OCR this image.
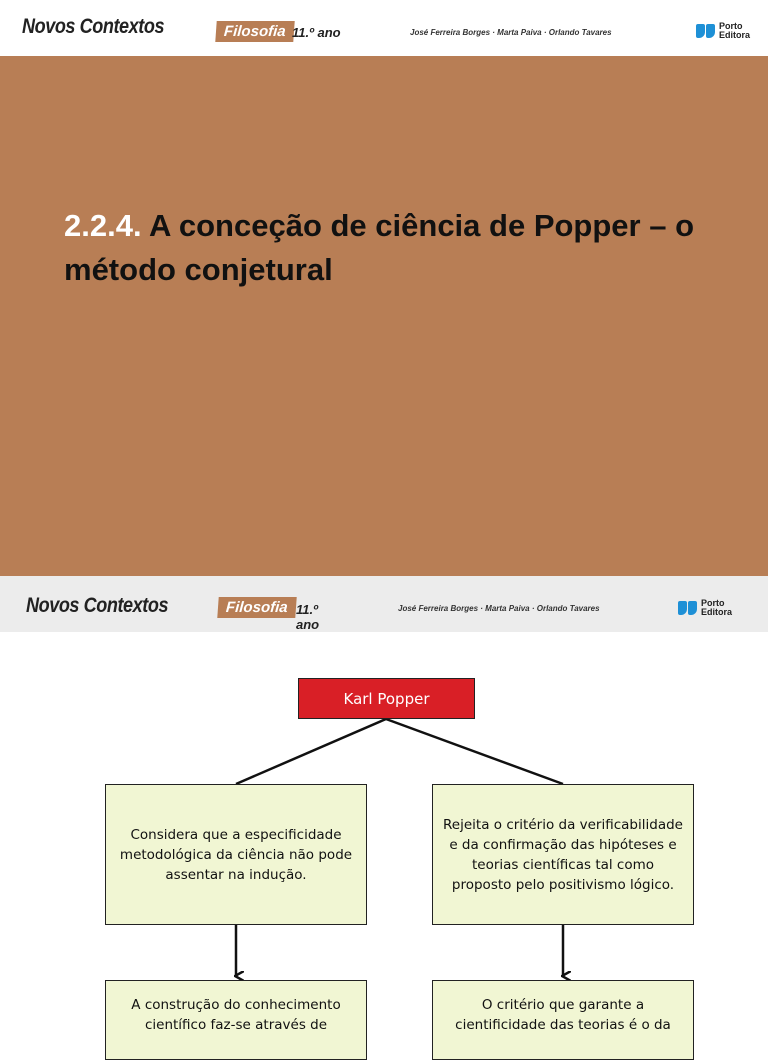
Novos Contextos	Filosofia 11.º ano	José Ferreira Borges · Marta Paiva · Orlando Tavares
Porto
Editora
2.2.4. A conceção de ciência de Popper – o método conjetural
Novos Contextos	Filosofia 11.º ano
José Ferreira Borges · Marta Paiva · Orlando Tavares
Porto
Editora
Karl Popper
Considera que a especificidade metodológica da ciência não pode assentar na indução.
Rejeita o critério da verificabilidade e da confirmação das hipóteses e teorias científicas tal como proposto pelo positivismo lógico.
A construção do conhecimento científico faz-se através de
O critério que garante a cientificidade das teorias é o da
